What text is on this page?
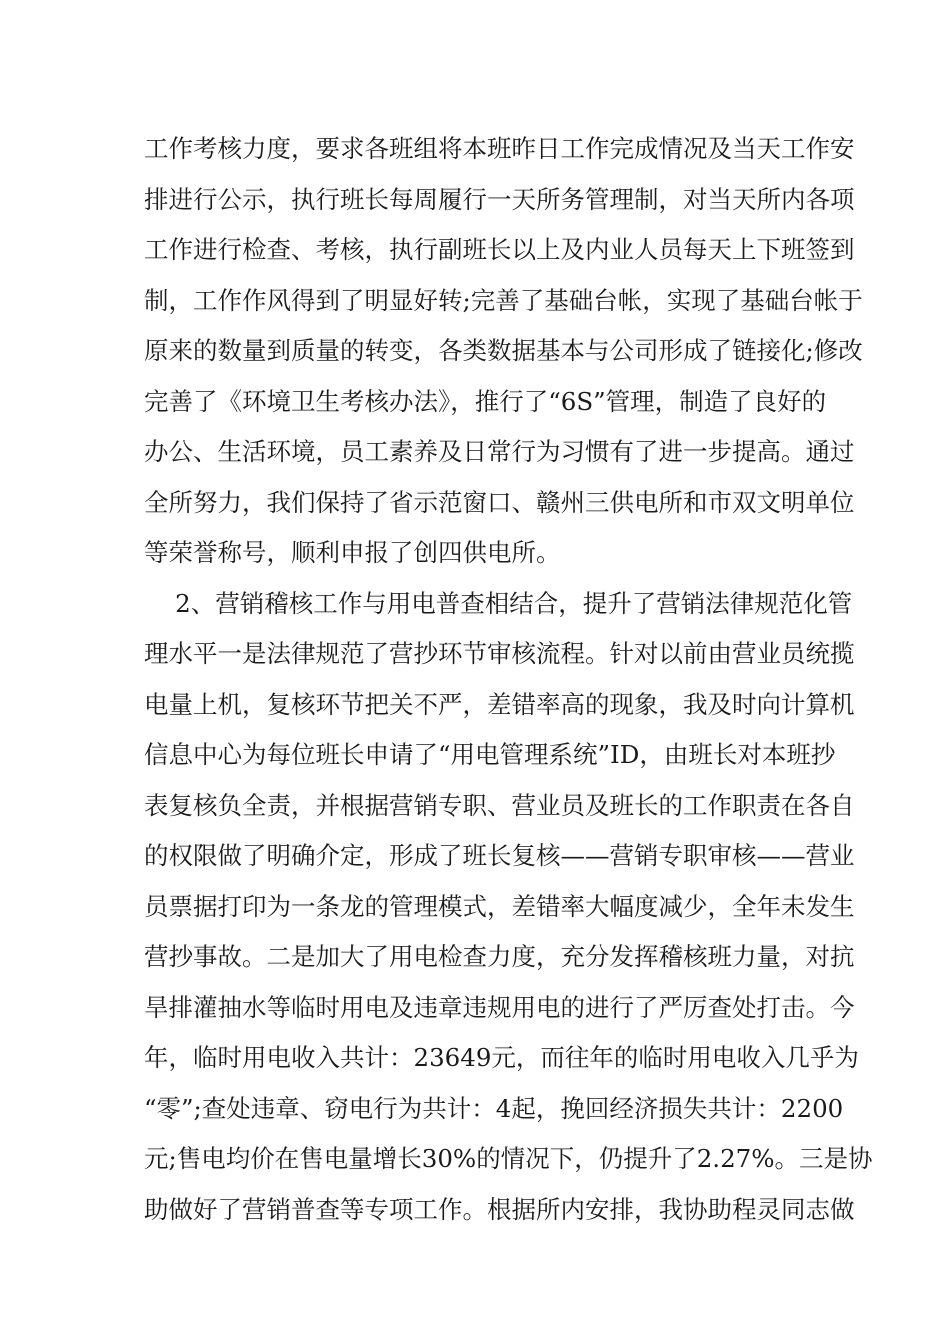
工作考核力度，要求各班组将本班昨日工作完成情况及当天工作安
排进行公示，执行班长每周履行一天所务管理制，对当天所内各项
工作进行检查、考核，执行副班长以上及内业人员每天上下班签到
制，工作作风得到了明显好转;完善了基础台帐，实现了基础台帐于
原来的数量到质量的转变，各类数据基本与公司形成了链接化;修改
完善了《环境卫生考核办法》，推行了“6S”管理，制造了良好的
办公、生活环境，员工素养及日常行为习惯有了进一步提高。通过
全所努力，我们保持了省示范窗口、赣州三供电所和市双文明单位
等荣誉称号，顺利申报了创四供电所。
2、营销稽核工作与用电普查相结合，提升了营销法律规范化管
理水平一是法律规范了营抄环节审核流程。针对以前由营业员统揽
电量上机，复核环节把关不严，差错率高的现象，我及时向计算机
信息中心为每位班长申请了“用电管理系统”ID，由班长对本班抄
表复核负全责，并根据营销专职、营业员及班长的工作职责在各自
的权限做了明确介定，形成了班长复核——营销专职审核——营业
员票据打印为一条龙的管理模式，差错率大幅度减少，全年未发生
营抄事故。二是加大了用电检查力度，充分发挥稽核班力量，对抗
旱排灌抽水等临时用电及违章违规用电的进行了严厉查处打击。今
年，临时用电收入共计：23649元，而往年的临时用电收入几乎为
“零”;查处违章、窃电行为共计：4起，挽回经济损失共计：2200
元;售电均价在售电量增长30%的情况下，仍提升了2.27%。三是协
助做好了营销普查等专项工作。根据所内安排，我协助程灵同志做
